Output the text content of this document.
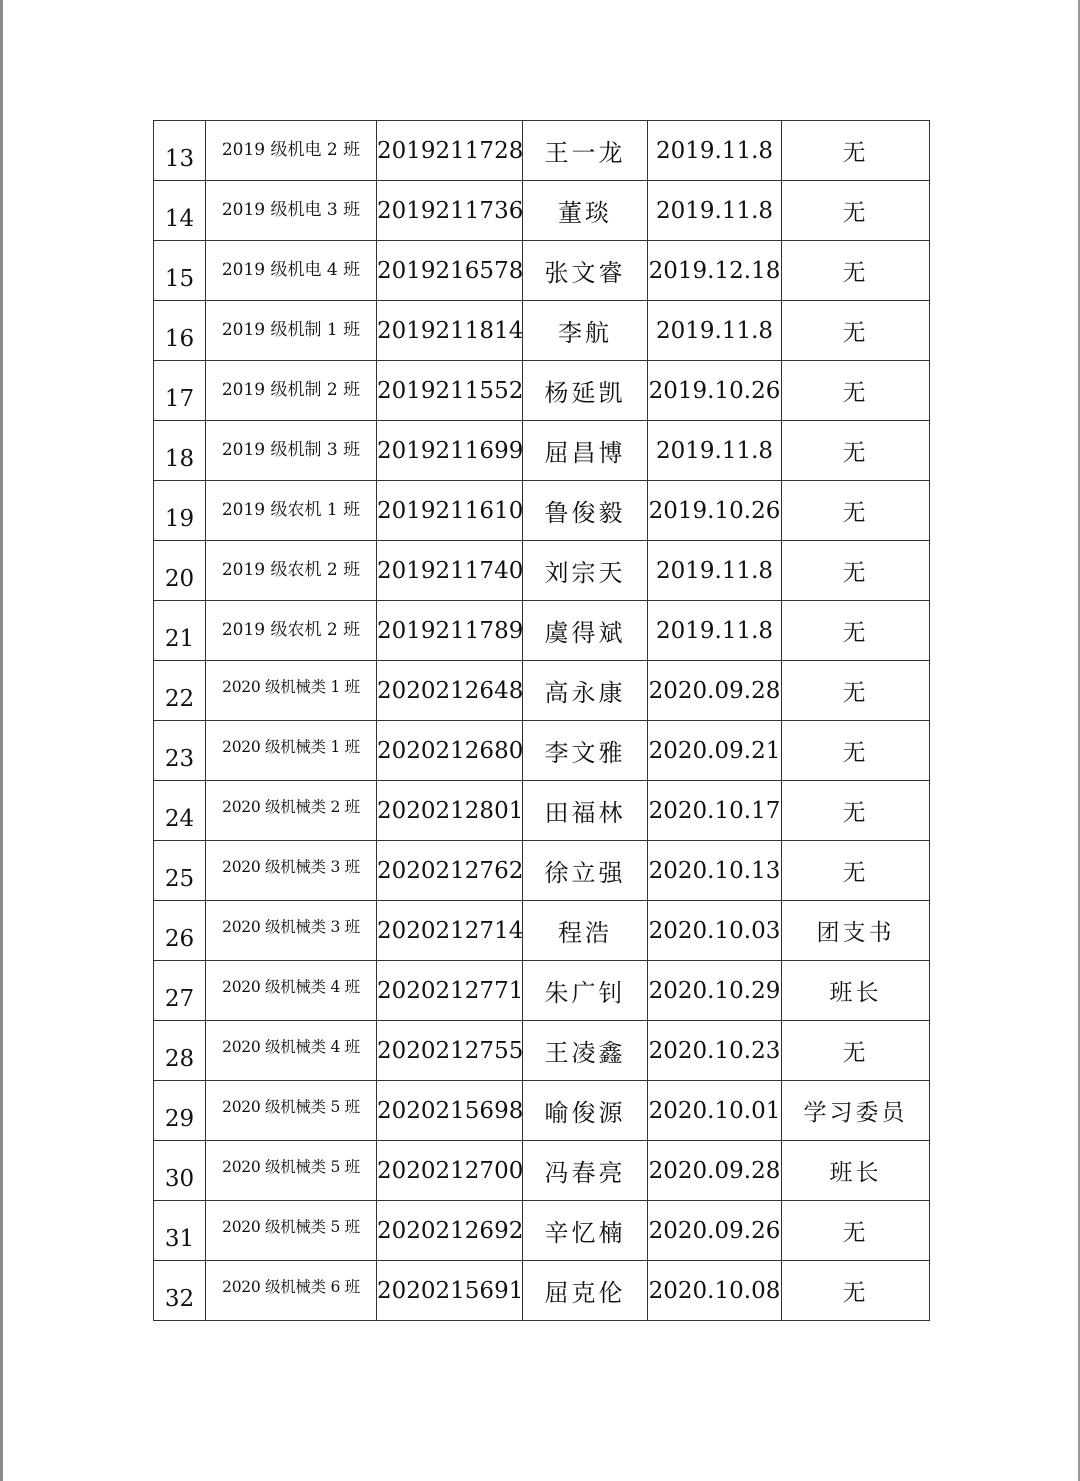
13	2019 级机电 2 班	2019211728	王一龙	2019.11.8	无
14	2019 级机电 3 班	2019211736	董琰	2019.11.8	无
15	2019 级机电 4 班	2019216578	张文睿	2019.12.18	无
16	2019 级机制 1 班	2019211814	李航	2019.11.8	无
17	2019 级机制 2 班	2019211552	杨延凯	2019.10.26	无
18	2019 级机制 3 班	2019211699	屈昌博	2019.11.8	无
19	2019 级农机 1 班	2019211610	鲁俊毅	2019.10.26	无
20	2019 级农机 2 班	2019211740	刘宗天	2019.11.8	无
21	2019 级农机 2 班	2019211789	虞得斌	2019.11.8	无
22	2020 级机械类 1 班	2020212648	高永康	2020.09.28	无
23	2020 级机械类 1 班	2020212680	李文雅	2020.09.21	无
24	2020 级机械类 2 班	2020212801	田福林	2020.10.17	无
25	2020 级机械类 3 班	2020212762	徐立强	2020.10.13	无
26	2020 级机械类 3 班	2020212714	程浩	2020.10.03	团支书
27	2020 级机械类 4 班	2020212771	朱广钊	2020.10.29	班长
28	2020 级机械类 4 班	2020212755	王凌鑫	2020.10.23	无
29	2020 级机械类 5 班	2020215698	喻俊源	2020.10.01	学习委员
30	2020 级机械类 5 班	2020212700	冯春亮	2020.09.28	班长
31	2020 级机械类 5 班	2020212692	辛忆楠	2020.09.26	无
32	2020 级机械类 6 班	2020215691	屈克伦	2020.10.08	无
